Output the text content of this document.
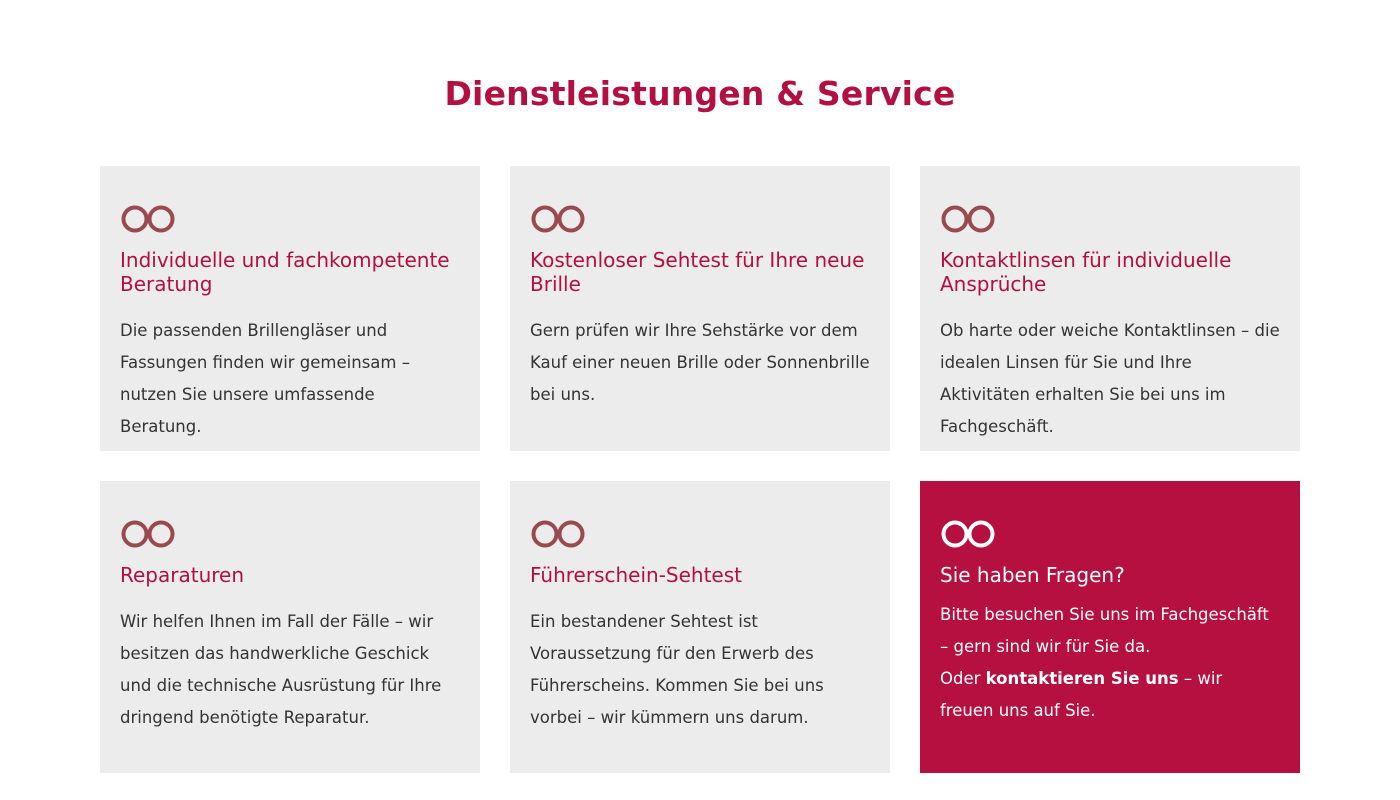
Dienstleistungen & Service
Individuelle und fachkompetente Beratung

Die passenden Brillengläser und Fassungen finden wir gemeinsam – nutzen Sie unsere umfassende Beratung.

Kostenloser Sehtest für Ihre neue Brille

Gern prüfen wir Ihre Sehstärke vor dem Kauf einer neuen Brille oder Sonnenbrille bei uns.

Kontaktlinsen für individuelle Ansprüche

Ob harte oder weiche Kontaktlinsen – die idealen Linsen für Sie und Ihre Aktivitäten erhalten Sie bei uns im Fachgeschäft.

Reparaturen

Wir helfen Ihnen im Fall der Fälle – wir besitzen das handwerkliche Geschick und die technische Ausrüstung für Ihre dringend benötigte Reparatur.

Führerschein-Sehtest

Ein bestandener Sehtest ist Voraussetzung für den Erwerb des Führerscheins. Kommen Sie bei uns vorbei – wir kümmern uns darum.

Sie haben Fragen?

Bitte besuchen Sie uns im Fachgeschäft – gern sind wir für Sie da.
Oder kontaktieren Sie uns – wir freuen uns auf Sie.
